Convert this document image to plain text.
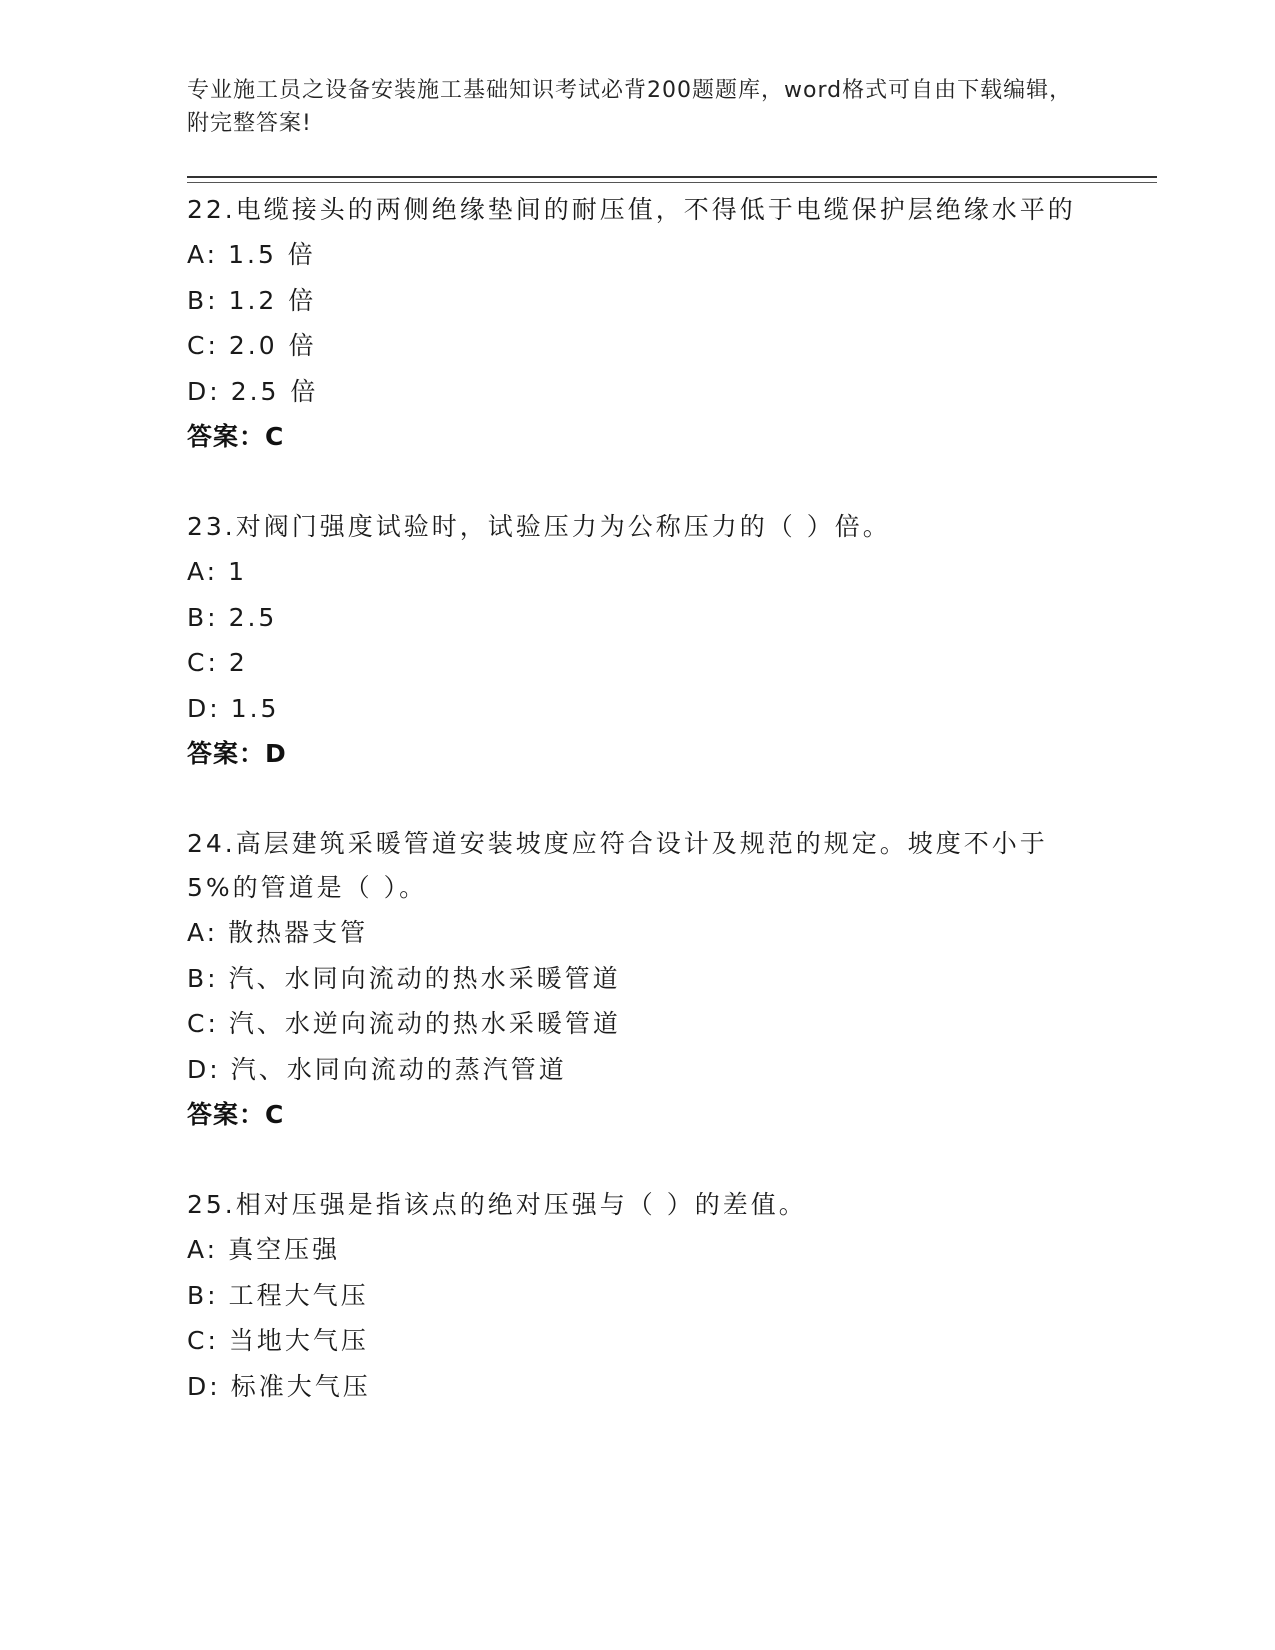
专业施工员之设备安装施工基础知识考试必背200题题库，word格式可自由下载编辑，附完整答案!
22.电缆接头的两侧绝缘垫间的耐压值，不得低于电缆保护层绝缘水平的
A: 1.5 倍
B: 1.2 倍
C: 2.0 倍
D: 2.5 倍
答案：C
23.对阀门强度试验时，试验压力为公称压力的（ ）倍。
A: 1
B: 2.5
C: 2
D: 1.5
答案：D
24.高层建筑采暖管道安装坡度应符合设计及规范的规定。坡度不小于5%的管道是（ ）。
A: 散热器支管
B: 汽、水同向流动的热水采暖管道
C: 汽、水逆向流动的热水采暖管道
D: 汽、水同向流动的蒸汽管道
答案：C
25.相对压强是指该点的绝对压强与（ ）的差值。
A: 真空压强
B: 工程大气压
C: 当地大气压
D: 标准大气压
